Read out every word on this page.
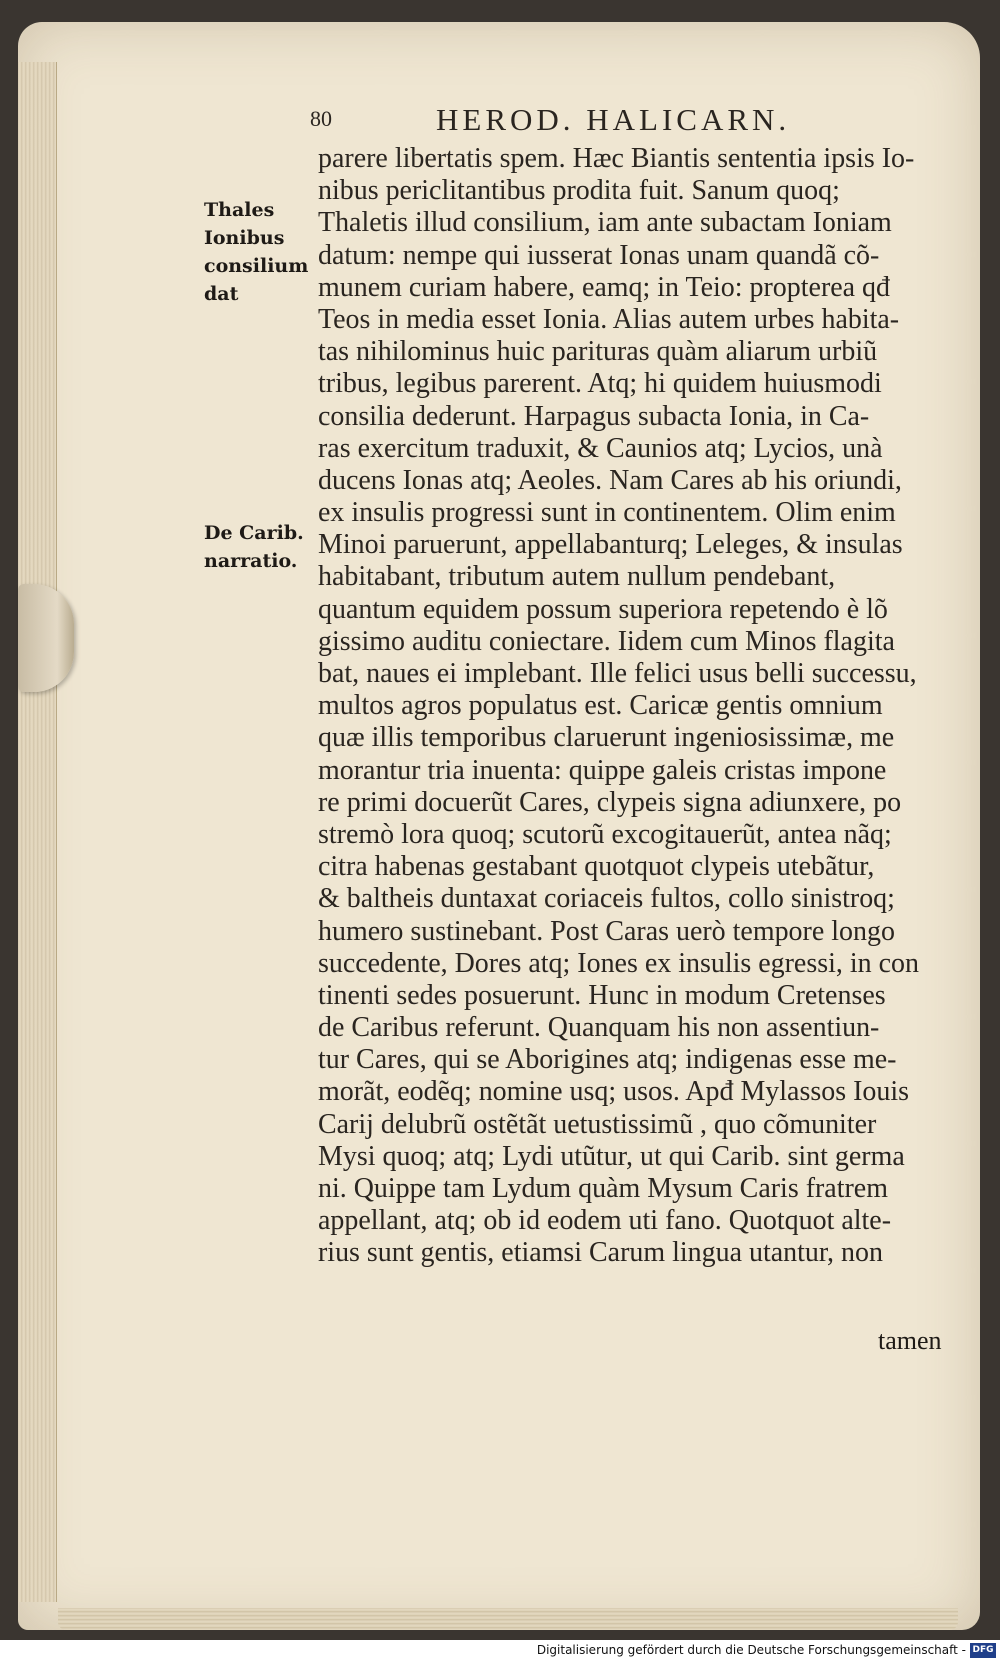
80	HEROD. HALICARN.
Thales Ionibus consilium dat
De Carib. narratio.
parere libertatis spem. Hæc Biantis sententia ipsis Io-
nibus periclitantibus prodita fuit. Sanum quoq;
Thaletis illud consilium, iam ante subactam Ioniam
datum: nempe qui iusserat Ionas unam quandã cõ-
munem curiam habere, eamq; in Teio: propterea qđ
Teos in media esset Ionia. Alias autem urbes habita-
tas nihilominus huic parituras quàm aliarum urbiũ
tribus, legibus parerent. Atq; hi quidem huiusmodi
consilia dederunt. Harpagus subacta Ionia, in Ca-
ras exercitum traduxit, & Caunios atq; Lycios, unà
ducens Ionas atq; Aeoles. Nam Cares ab his oriundi,
ex insulis progressi sunt in continentem. Olim enim
Minoi paruerunt, appellabanturq; Leleges, & insulas
habitabant, tributum autem nullum pendebant,
quantum equidem possum superiora repetendo è lõ
gissimo auditu coniectare. Iidem cum Minos flagita
bat, naues ei implebant. Ille felici usus belli successu,
multos agros populatus est. Caricæ gentis omnium
quæ illis temporibus claruerunt ingeniosissimæ, me
morantur tria inuenta: quippe galeis cristas impone
re primi docuerũt Cares, clypeis signa adiunxere, po
stremò lora quoq; scutorũ excogitauerũt, antea nãq;
citra habenas gestabant quotquot clypeis utebãtur,
& baltheis duntaxat coriaceis fultos, collo sinistroq;
humero sustinebant. Post Caras uerò tempore longo
succedente, Dores atq; Iones ex insulis egressi, in con
tinenti sedes posuerunt. Hunc in modum Cretenses
de Caribus referunt. Quanquam his non assentiun-
tur Cares, qui se Aborigines atq; indigenas esse me-
morãt, eodẽq; nomine usq; usos. Apđ Mylassos Iouis
Carij delubrũ ostẽtãt uetustissimũ , quo cõmuniter
Mysi quoq; atq; Lydi utũtur, ut qui Carib. sint germa
ni. Quippe tam Lydum quàm Mysum Caris fratrem
appellant, atq; ob id eodem uti fano. Quotquot alte-
rius sunt gentis, etiamsi Carum lingua utantur, non
tamen
Digitalisierung gefördert durch die Deutsche Forschungsgemeinschaft - DFG
